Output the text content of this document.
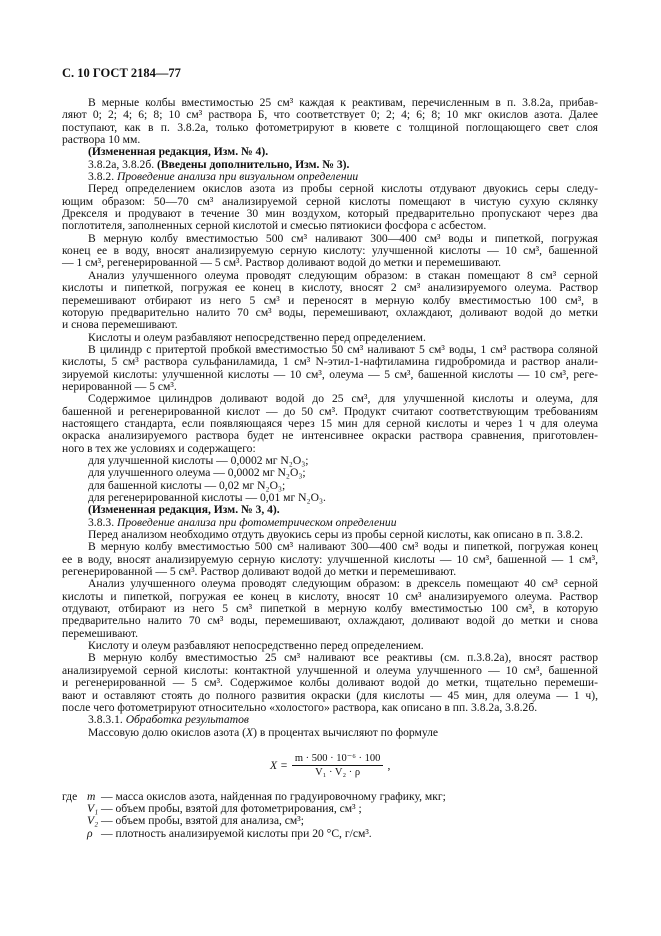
С. 10 ГОСТ 2184—77
В мерные колбы вместимостью 25 см³ каждая к реактивам, перечисленным в п. 3.8.2а, прибав-
ляют 0; 2; 4; 6; 8; 10 см³ раствора Б, что соответствует 0; 2; 4; 6; 8; 10 мкг окислов азота. Далее
поступают, как в п. 3.8.2а, только фотометрируют в кювете с толщиной поглощающего свет слоя
раствора 10 мм.
(Измененная редакция, Изм. № 4).
3.8.2а, 3.8.2б. (Введены дополнительно, Изм. № 3).
3.8.2. Проведение анализа при визуальном определении
Перед определением окислов азота из пробы серной кислоты отдувают двуокись серы следу-
ющим образом: 50—70 см³ анализируемой серной кислоты помещают в чистую сухую склянку
Дрекселя и продувают в течение 30 мин воздухом, который предварительно пропускают через два
поглотителя, заполненных серной кислотой и смесью пятиокиси фосфора с асбестом.
В мерную колбу вместимостью 500 см³ наливают 300—400 см³ воды и пипеткой, погружая
конец ее в воду, вносят анализируемую серную кислоту: улучшенной кислоты — 10 см³, башенной
— 1 см³, регенерированной — 5 см³. Раствор доливают водой до метки и перемешивают.
Анализ улучшенного олеума проводят следующим образом: в стакан помещают 8 см³ серной
кислоты и пипеткой, погружая ее конец в кислоту, вносят 2 см³ анализируемого олеума. Раствор
перемешивают отбирают из него 5 см³ и переносят в мерную колбу вместимостью 100 см³, в
которую предварительно налито 70 см³ воды, перемешивают, охлаждают, доливают водой до метки
и снова перемешивают.
Кислоты и олеум разбавляют непосредственно перед определением.
В цилиндр с притертой пробкой вместимостью 50 см³ наливают 5 см³ воды, 1 см³ раствора соляной
кислоты, 5 см³ раствора сульфаниламида, 1 см³ N-этил-1-нафтиламина гидробромида и раствор анали-
зируемой кислоты: улучшенной кислоты — 10 см³, олеума — 5 см³, башенной кислоты — 10 см³, реге-
нерированной — 5 см³.
Содержимое цилиндров доливают водой до 25 см³, для улучшенной кислоты и олеума, для
башенной и регенерированной кислот — до 50 см³. Продукт считают соответствующим требованиям
настоящего стандарта, если появляющаяся через 15 мин для серной кислоты и через 1 ч для олеума
окраска анализируемого раствора будет не интенсивнее окраски раствора сравнения, приготовлен-
ного в тех же условиях и содержащего:
для улучшенной кислоты — 0,0002 мг N₂O₃;
для улучшенного олеума — 0,0002 мг N₂O₃;
для башенной кислоты — 0,02 мг N₂O₃;
для регенерированной кислоты — 0,01 мг N₂O₃.
(Измененная редакция, Изм. № 3, 4).
3.8.3. Проведение анализа при фотометрическом определении
Перед анализом необходимо отдуть двуокись серы из пробы серной кислоты, как описано в п. 3.8.2.
В мерную колбу вместимостью 500 см³ наливают 300—400 см³ воды и пипеткой, погружая конец
ее в воду, вносят анализируемую серную кислоту: улучшенной кислоты — 10 см³, башенной — 1 см³,
регенерированной — 5 см³. Раствор доливают водой до метки и перемешивают.
Анализ улучшенного олеума проводят следующим образом: в дрексель помещают 40 см³ серной
кислоты и пипеткой, погружая ее конец в кислоту, вносят 10 см³ анализируемого олеума. Раствор
отдувают, отбирают из него 5 см³ пипеткой в мерную колбу вместимостью 100 см³, в которую
предварительно налито 70 см³ воды, перемешивают, охлаждают, доливают водой до метки и снова
перемешивают.
Кислоту и олеум разбавляют непосредственно перед определением.
В мерную колбу вместимостью 25 см³ наливают все реактивы (см. п.3.8.2а), вносят раствор
анализируемой серной кислоты: контактной улучшенной и олеума улучшенного — 10 см³, башенной
и регенерированной — 5 см³. Содержимое колбы доливают водой до метки, тщательно перемеши-
вают и оставляют стоять до полного развития окраски (для кислоты — 45 мин, для олеума — 1 ч),
после чего фотометрируют относительно «холостого» раствора, как описано в пп. 3.8.2а, 3.8.2б.
3.8.3.1. Обработка результатов
Массовую долю окислов азота (X) в процентах вычисляют по формуле
$X = \frac{\text{m · 500 · 10⁻⁶ · 100}}{\text{V₁ · V₂ · ρ}}$ ,
где m — масса окислов азота, найденная по градуировочному графику, мкг;
V₁ — объем пробы, взятой для фотометрирования, см³ ;
V₂ — объем пробы, взятой для анализа, см³;
ρ — плотность анализируемой кислоты при 20 °С, г/см³.
